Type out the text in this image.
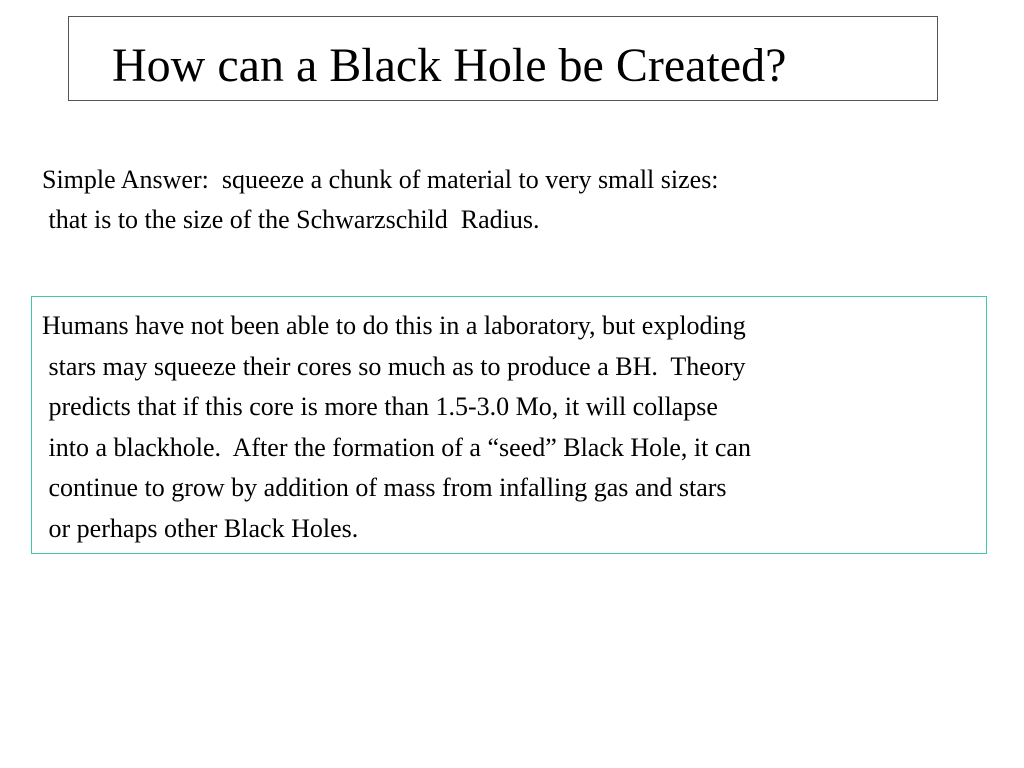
How can a Black Hole be Created?

Simple Answer:  squeeze a chunk of material to very small sizes:
that is to the size of the Schwarzschild  Radius.

Humans have not been able to do this in a laboratory, but exploding
stars may squeeze their cores so much as to produce a BH.  Theory
predicts that if this core is more than 1.5-3.0 Mo, it will collapse
into a blackhole.  After the formation of a “seed” Black Hole, it can
continue to grow by addition of mass from infalling gas and stars
or perhaps other Black Holes.
